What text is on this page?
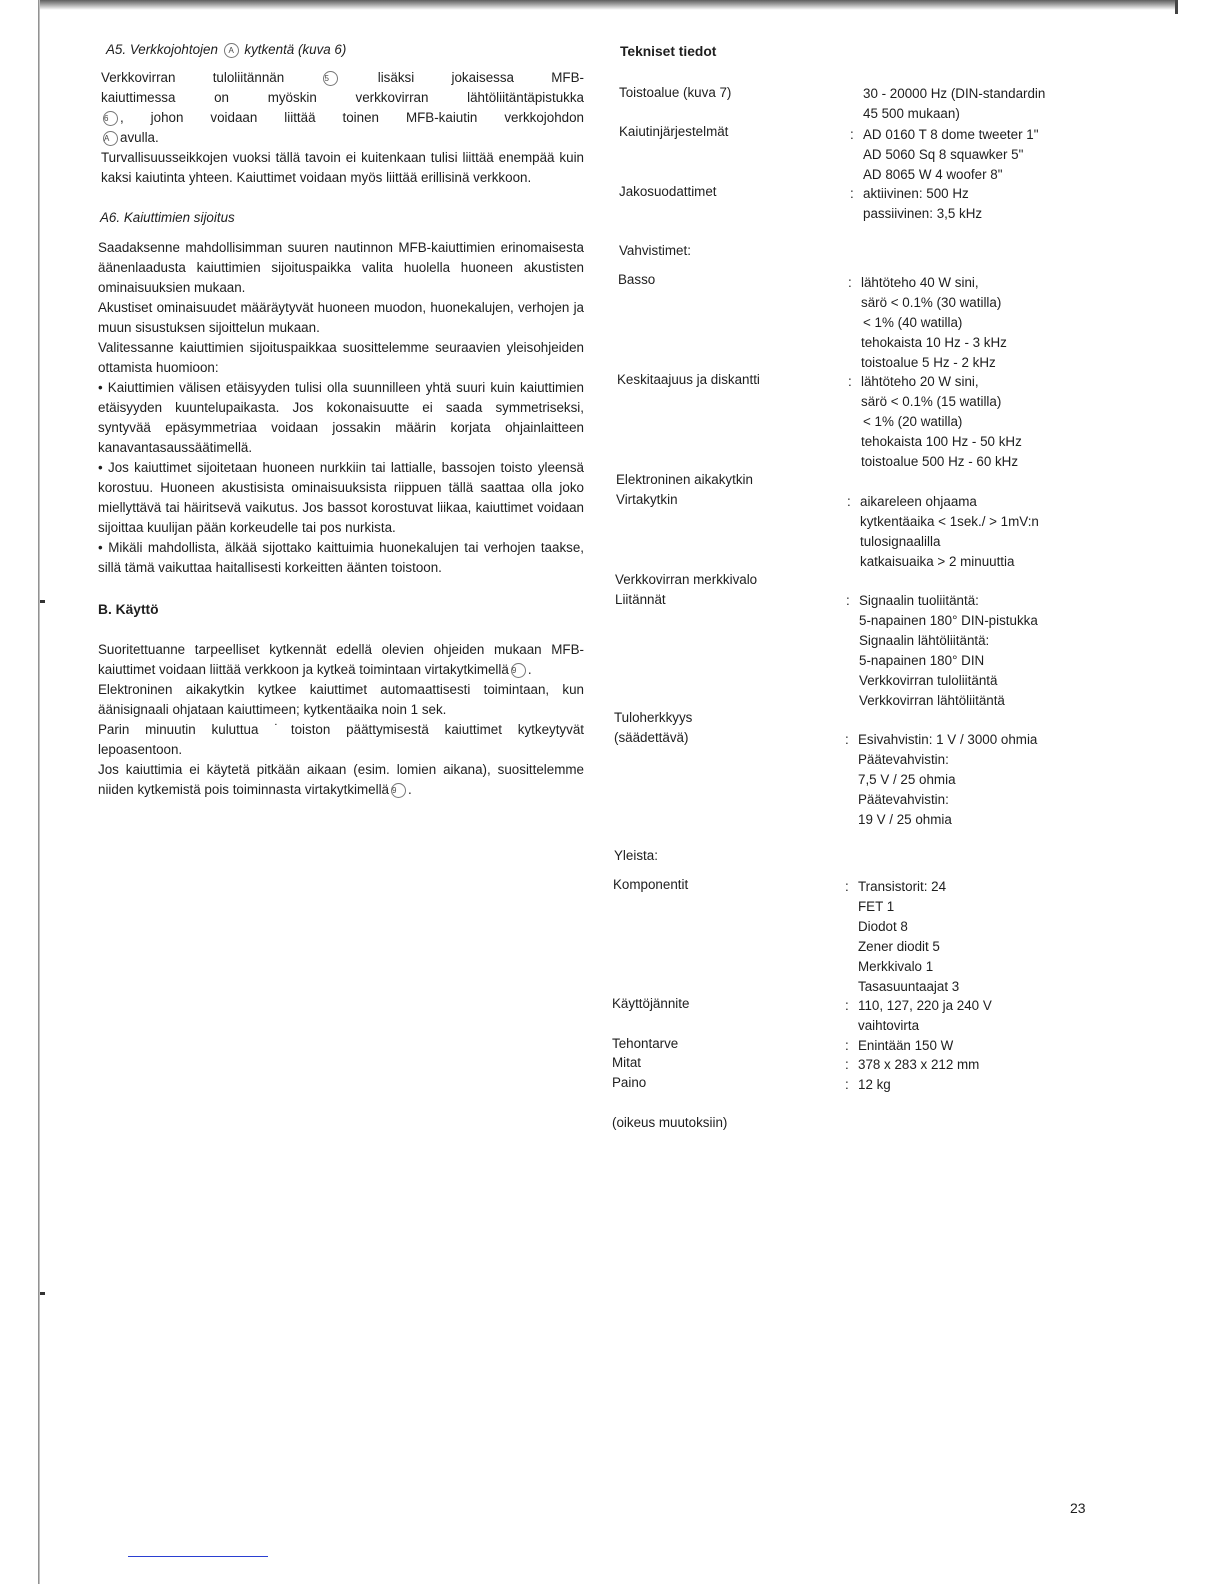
A5. Verkkojohtojen A kytkentä (kuva 6)

Verkkovirran tuloliitännän	5	lisäksi jokaisessa MFB-

kaiuttimessa on myöskin verkkovirran lähtöliitäntäpistukka

6 , johon voidaan liittää toinen MFB-kaiutin verkkojohdon

A avulla.

Turvallisuusseikkojen vuoksi tällä tavoin ei kuitenkaan tulisi liittää enempää kuin kaksi kaiutinta yhteen. Kaiuttimet voidaan myös liittää erillisinä verkkoon.

A6. Kaiuttimien sijoitus

Saadaksenne mahdollisimman suuren nautinnon MFB-kaiuttimien erinomaisesta äänenlaadusta kaiuttimien sijoituspaikka valita huolella huoneen akustisten ominaisuuksien mukaan.

Akustiset ominaisuudet määräytyvät huoneen muodon, huonekalujen, verhojen ja muun sisustuksen sijoittelun mukaan.

Valitessanne kaiuttimien sijoituspaikkaa suosittelemme seuraavien yleisohjeiden ottamista huomioon:

• Kaiuttimien välisen etäisyyden tulisi olla suunnilleen yhtä suuri kuin kaiuttimien etäisyyden kuuntelupaikasta. Jos kokonaisuutte ei saada symmetriseksi, syntyvää epäsymmetriaa voidaan jossakin määrin korjata ohjainlaitteen kanavantasaussäätimellä.

• Jos kaiuttimet sijoitetaan huoneen nurkkiin tai lattialle, bassojen toisto yleensä korostuu. Huoneen akustisista ominaisuuksista riippuen tällä saattaa olla joko miellyttävä tai häiritsevä vaikutus. Jos bassot korostuvat liikaa, kaiuttimet voidaan sijoittaa kuulijan pään korkeudelle tai pos nurkista.

• Mikäli mahdollista, älkää sijottako kaittuimia huonekalujen tai verhojen taakse, sillä tämä vaikuttaa haitallisesti korkeitten äänten toistoon.

B. Käyttö

Suoritettuanne tarpeelliset kytkennät edellä olevien ohjeiden mukaan MFB-kaiuttimet voidaan liittää verkkoon ja kytkeä toimintaan virtakytkimellä 9 .

Elektroninen aikakytkin kytkee kaiuttimet automaattisesti toimintaan, kun äänisignaali ohjataan kaiuttimeen; kytkentäaika noin 1 sek.

Parin minuutin kuluttua ˙toiston päättymisestä kaiuttimet kytkeytyvät lepoasentoon.

Jos kaiuttimia ei käytetä pitkään aikaan (esim. lomien aikana), suosittelemme niiden kytkemistä pois toiminnasta virtakytkimellä 9 .

Tekniset tiedot

Toistoalue (kuva 7)	30 - 20000 Hz (DIN-standardin
45 500 mukaan)
Kaiutinjärjestelmät	: AD 0160 T 8 dome tweeter 1"
AD 5060 Sq 8 squawker 5"
AD 8065 W 4 woofer 8"
Jakosuodattimet	: aktiivinen: 500 Hz
passiivinen: 3,5 kHz
Vahvistimet:
Basso	: lähtöteho 40 W sini,
särö < 0.1% (30 watilla)
< 1% (40 watilla)
tehokaista 10 Hz - 3 kHz
toistoalue 5 Hz - 2 kHz
Keskitaajuus ja diskantti	: lähtöteho 20 W sini,
särö < 0.1% (15 watilla)
< 1% (20 watilla)
tehokaista 100 Hz - 50 kHz
toistoalue 500 Hz - 60 kHz
Elektroninen aikakytkin
Virtakytkin	: aikareleen ohjaama
kytkentäaika < 1sek./ > 1mV:n
tulosignaalilla
katkaisuaika > 2 minuuttia
Verkkovirran merkkivalo
Liitännät	: Signaalin tuoliitäntä:
5-napainen 180° DIN-pistukka
Signaalin lähtöliitäntä:
5-napainen 180° DIN
Verkkovirran tuloliitäntä
Verkkovirran lähtöliitäntä
Tuloherkkyys
(säädettävä)	: Esivahvistin: 1 V / 3000 ohmia
Päätevahvistin:
7,5 V / 25 ohmia
Päätevahvistin:
19 V / 25 ohmia
Yleista:
Komponentit	: Transistorit: 24
FET 1
Diodot 8
Zener diodit 5
Merkkivalo 1
Tasasuuntaajat 3
Käyttöjännite	: 110, 127, 220 ja 240 V
vaihtovirta
Tehontarve	: Enintään 150 W
Mitat	: 378 x 283 x 212 mm
Paino	: 12 kg
(oikeus muutoksiin)
23
